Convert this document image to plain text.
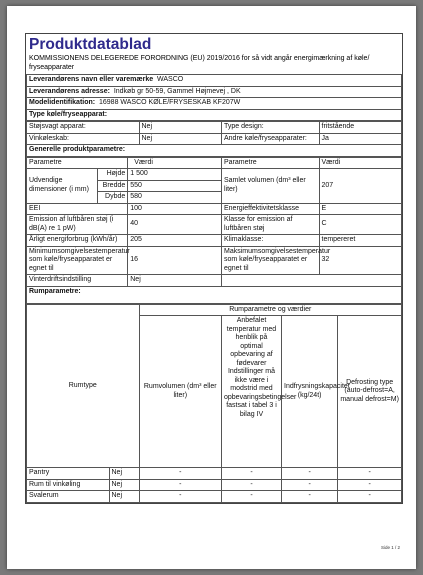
Produktdatablad
KOMMISSIONENS DELEGEREDE FORORDNING (EU) 2019/2016 for så vidt angår energimærkning af køle/ fryseapparater
Leverandørens navn eller varemærke WASCO
Leverandørens adresse: Indkøb gr 50-59, Gammel Højmevej , DK
Modelidentifikation: 16988 WASCO KØLE/FRYSESKAB KF207W
Type køle/fryseapparat:
Støjsvagt apparat:	Nej	Type design:	fritstående
Vinkøleskab:	Nej	Andre køle/fryseapparater:	Ja
Generelle produktparametre:			
Parametre		Værdi	Parametre	Værdi
Udvendige dimensioner (i mm)	Højde	1 500	Samlet volumen (dm³ eller liter)	207
	Bredde	550		
	Dybde	580		
EEI		100	Energieffektivitetsklasse	E
Emission af luftbåren støj (i dB(A) re 1 pW)		40	Klasse for emission af luftbåren støj	C
Årligt energiforbrug (kWh/år)		205	Klimaklasse:	tempereret
Minimumsomgivelsestemperatur som køle/fryseapparatet er egnet til		16	Maksimumsomgivelsestemperatur som køle/fryseapparatet er egnet til	32
Vinterdriftsindstilling		Nej		
Rumparametre:				
Rumtype		Rumparametre og værdier			
		Rumvolumen (dm³ eller liter)	Anbefalet temperatur med henblik på optimal opbevaring af fødevarer Indstillinger må ikke være i modstrid med opbevaringsbetingelser fastsat i tabel 3 i bilag IV	Indfrysningskapacitet (kg/24t)	Defrosting type (auto-defrost=A, manual defrost=M)
Pantry	Nej	-	-	-	-
Rum til vinkøling	Nej	-	-	-	-
Svalerum	Nej	-	-	-	-
Side 1 / 2
